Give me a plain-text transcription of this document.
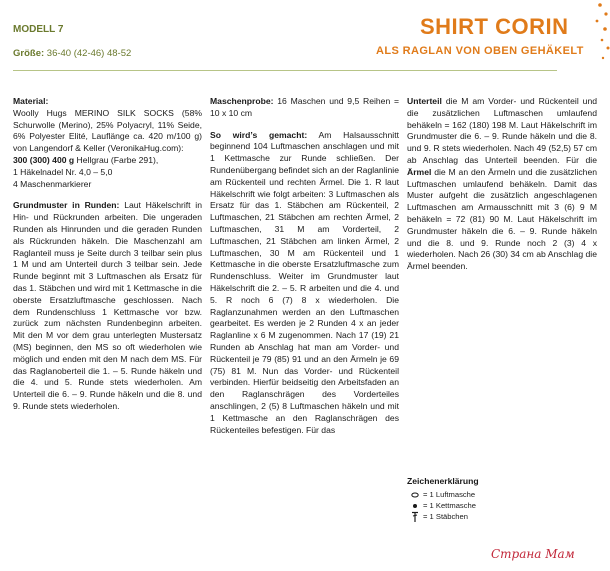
MODELL 7
Größe: 36-40 (42-46) 48-52
SHIRT CORIN
ALS RAGLAN VON OBEN GEHÄKELT
Material:
Woolly Hugs MERINO SILK SOCKS (58% Schurwolle (Merino), 25% Polyacryl, 11% Seide, 6% Polyester Elité, Lauflänge ca. 420 m/100 g) von Langendorf & Keller (VeronikaHug.com):
300 (300) 400 g Hellgrau (Farbe 291),
1 Häkelnadel Nr. 4,0 – 5,0
4 Maschenmarkierer
Grundmuster in Runden: Laut Häkelschrift in Hin- und Rückrunden arbeiten. Die ungeraden Runden als Hinrunden und die geraden Runden als Rückrunden häkeln. Die Maschenzahl am Raglanteil muss je Seite durch 3 teilbar sein plus 1 M und am Unterteil durch 3 teilbar sein. Jede Runde beginnt mit 3 Luftmaschen als Ersatz für das 1. Stäbchen und wird mit 1 Kettmasche in die oberste Ersatzluftmasche geschlossen. Nach dem Rundenschluss 1 Kettmasche vor bzw. zurück zum nächsten Rundenbeginn arbeiten. Mit den M vor dem grau unterlegten Mustersatz (MS) beginnen, den MS so oft wiederholen wie möglich und enden mit den M nach dem MS. Für das Raglanoberteil die 1. – 5. Runde häkeln und die 4. und 5. Runde stets wiederholen. Am Unterteil die 6. – 9. Runde häkeln und die 8. und 9. Runde stets wiederholen.
Maschenprobe: 16 Maschen und 9,5 Reihen = 10 x 10 cm
So wird’s gemacht: Am Halsausschnitt beginnend 104 Luftmaschen anschlagen und mit 1 Kettmasche zur Runde schließen. Der Rundenübergang befindet sich an der Raglanlinie am Rückenteil und rechten Ärmel. Die 1. R laut Häkelschrift wie folgt arbeiten: 3 Luftmaschen als Ersatz für das 1. Stäbchen am Rückenteil, 2 Luftmaschen, 21 Stäbchen am rechten Ärmel, 2 Luftmaschen, 31 M am Vorderteil, 2 Luftmaschen, 21 Stäbchen am linken Ärmel, 2 Luftmaschen, 30 M am Rückenteil und 1 Kettmasche in die oberste Ersatzluftmasche zum Rundenschluss. Weiter im Grundmuster laut Häkelschrift die 2. – 5. R arbeiten und die 4. und 5. R noch 6 (7) 8 x wiederholen. Die Raglanzunahmen werden an den Luftmaschen gearbeitet. Es werden je 2 Runden 4 x an jeder Raglanline x 6 M zugenommen. Nach 17 (19) 21 Runden ab Anschlag hat man am Vorder- und Rückenteil je 79 (85) 91 und an den Ärmeln je 69 (75) 81 M. Nun das Vorder- und Rückenteil verbinden. Hierfür beidseitig den Arbeitsfaden an den Raglanschrägen des Vorderteiles anschlingen, 2 (5) 8 Luftmaschen häkeln und mit 1 Kettmasche an den Raglanschrägen des Rückenteiles befestigen. Für das
Unterteil die M am Vorder- und Rückenteil und die zusätzlichen Luftmaschen umlaufend behäkeln = 162 (180) 198 M. Laut Häkelschrift im Grundmuster die 6. – 9. Runde häkeln und die 8. und 9. R stets wiederholen. Nach 49 (52,5) 57 cm ab Anschlag das Unterteil beenden. Für die Ärmel die M an den Ärmeln und die zusätzlichen Luftmaschen umlaufend behäkeln. Damit das Muster aufgeht die zusätzlich angeschlagenen Luftmaschen am Armausschnitt mit 3 (6) 9 M behäkeln = 72 (81) 90 M. Laut Häkelschrift im Grundmuster häkeln die 6. – 9. Runde häkeln und die 8. und 9. Runde noch 2 (3) 4 x wiederholen. Nach 26 (30) 34 cm ab Anschlag die Ärmel beenden.
Zeichenerklärung
= 1 Luftmasche
= 1 Kettmasche
= 1 Stäbchen
Страна Мам
